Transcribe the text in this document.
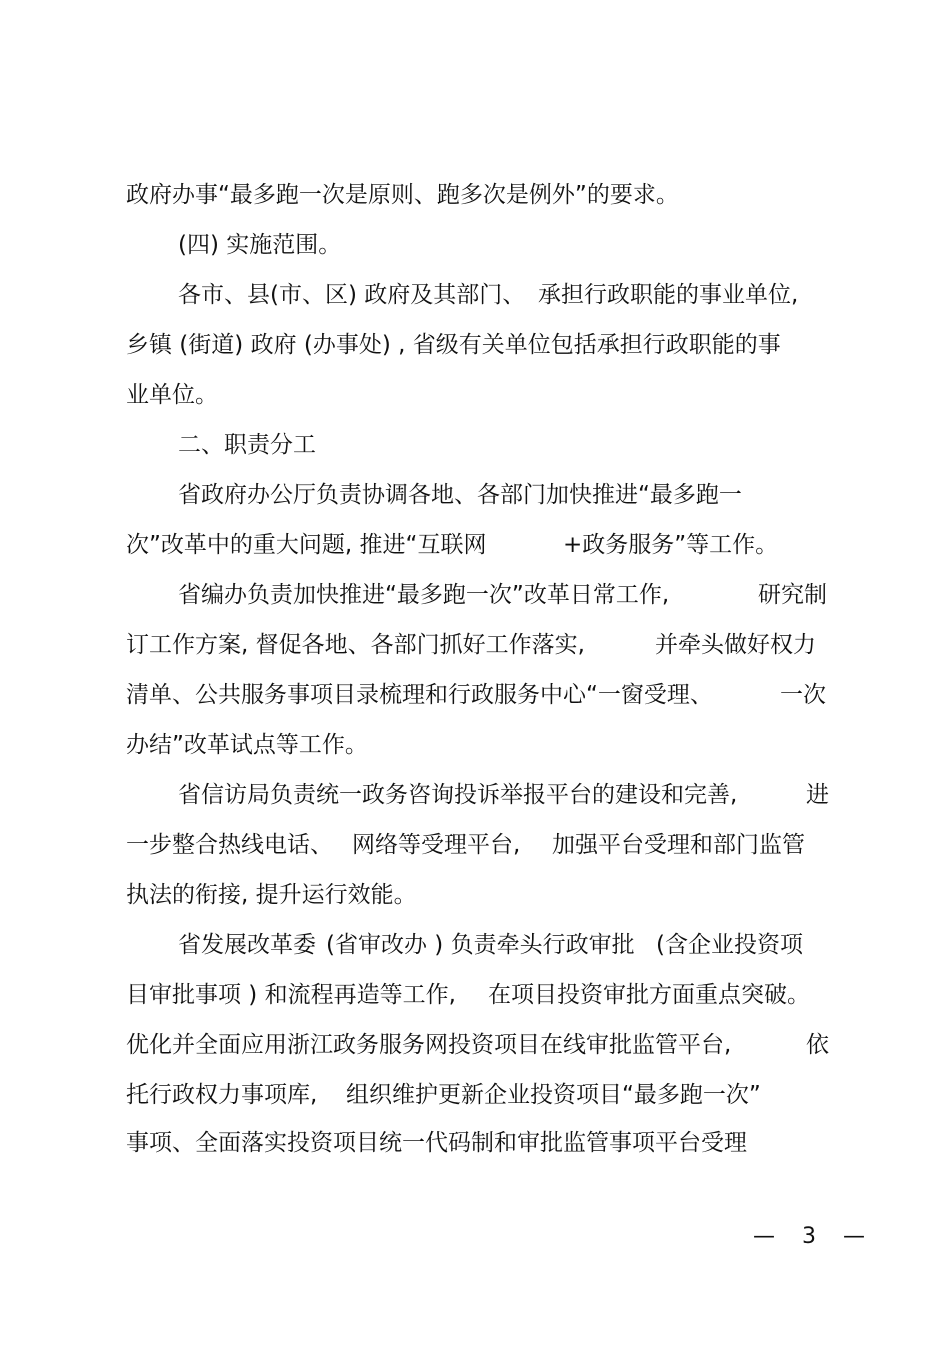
政府办事“最多跑一次是原则、跑多次是例外”的要求。
(四) 实施范围。
各市、县(市、区) 政府及其部门、 承担行政职能的事业单位,
乡镇 (街道) 政府 (办事处) , 省级有关单位包括承担行政职能的事
业单位。
二、职责分工
省政府办公厅负责协调各地、各部门加快推进“最多跑一
次”改革中的重大问题, 推进“互联网	+政务服务”等工作。
省编办负责加快推进“最多跑一次”改革日常工作,	研究制
订工作方案, 督促各地、各部门抓好工作落实,	并牵头做好权力
清单、公共服务事项目录梳理和行政服务中心“一窗受理、	一次
办结”改革试点等工作。
省信访局负责统一政务咨询投诉举报平台的建设和完善,	进
一步整合热线电话、 网络等受理平台, 加强平台受理和部门监管
执法的衔接, 提升运行效能。
省发展改革委 (省审改办 ) 负责牵头行政审批 (含企业投资项
目审批事项 ) 和流程再造等工作, 在项目投资审批方面重点突破。
优化并全面应用浙江政务服务网投资项目在线审批监管平台,	依
托行政权力事项库, 组织维护更新企业投资项目“最多跑一次”
事项、全面落实投资项目统一代码制和审批监管事项平台受理
— 3 —
